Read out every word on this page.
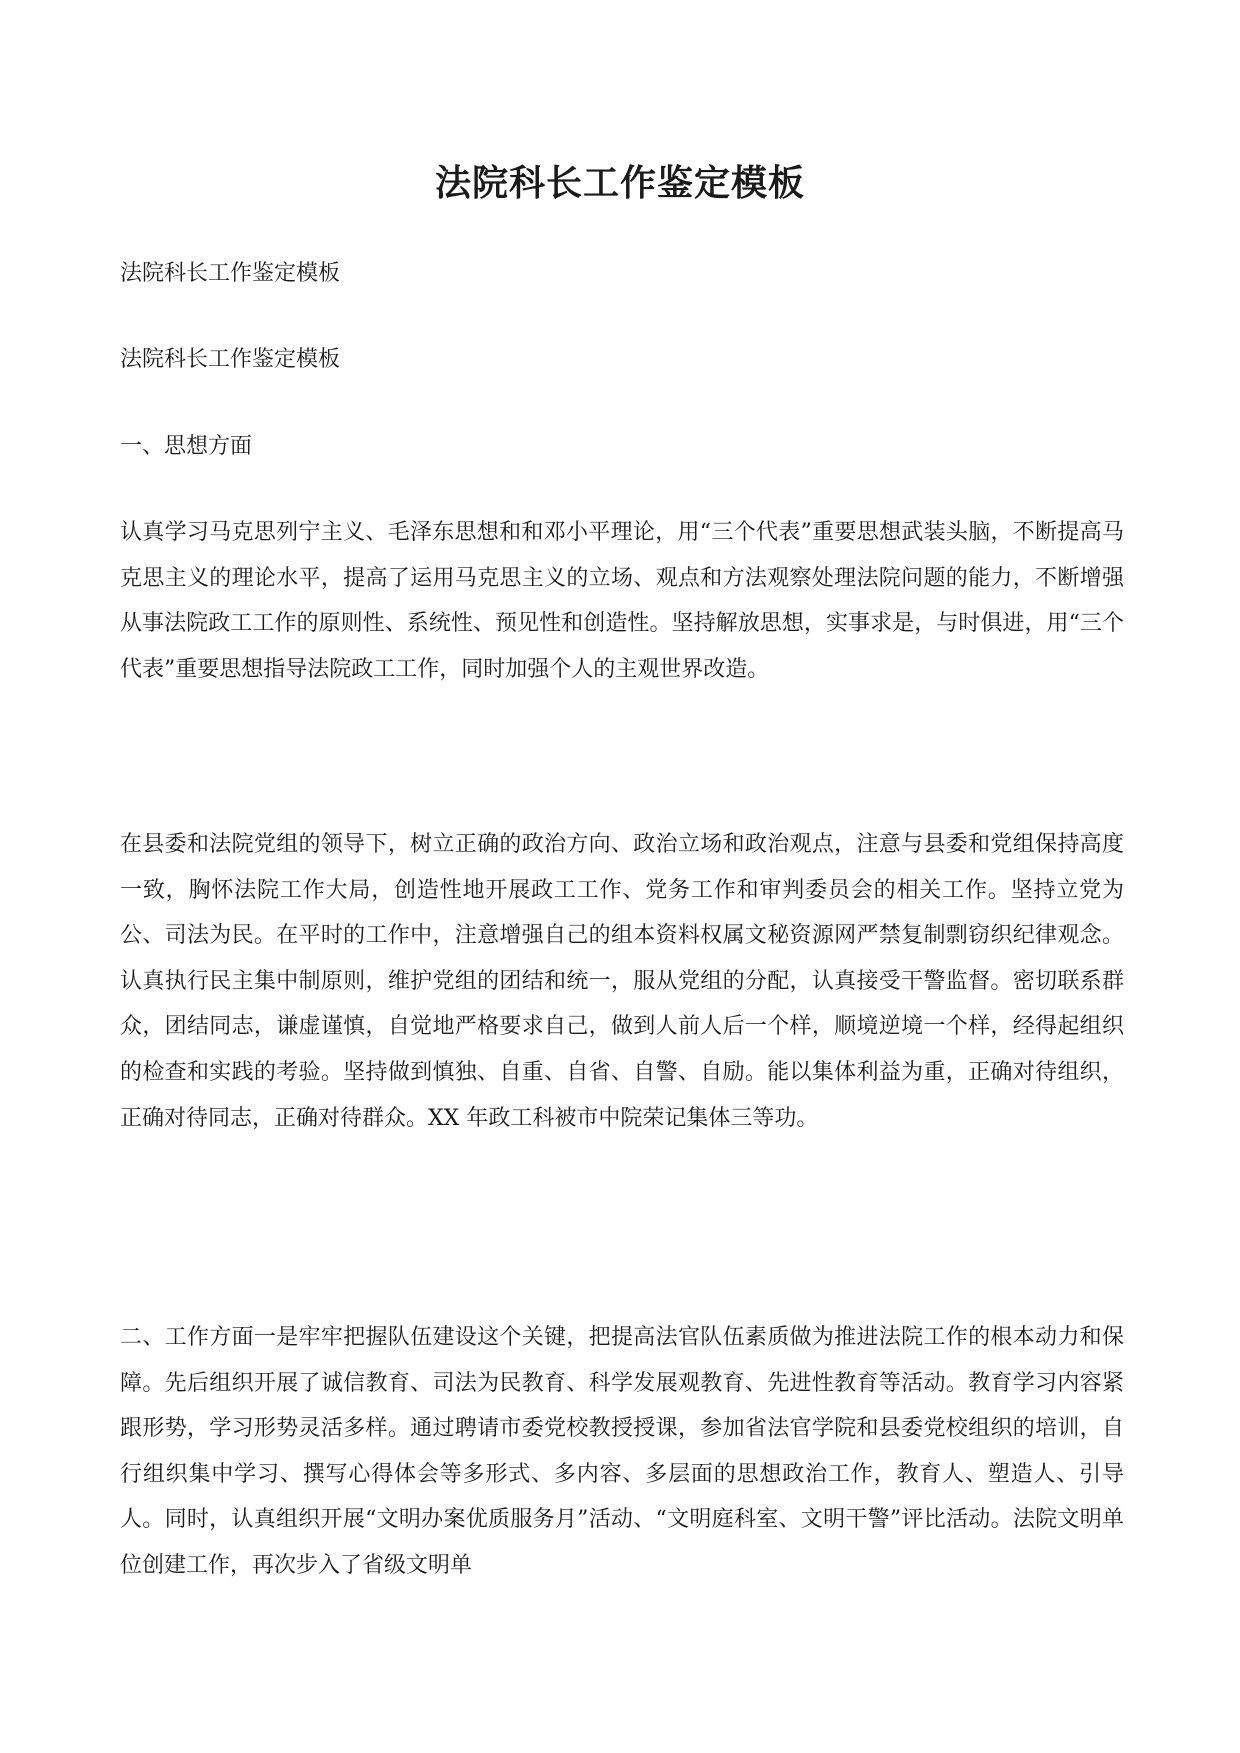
法院科长工作鉴定模板

法院科长工作鉴定模板

法院科长工作鉴定模板

一、思想方面

认真学习马克思列宁主义、毛泽东思想和和邓小平理论，用“三个代表”重要思想武装头脑，不断提高马克思主义的理论水平，提高了运用马克思主义的立场、观点和方法观察处理法院问题的能力，不断增强从事法院政工工作的原则性、系统性、预见性和创造性。坚持解放思想，实事求是，与时俱进，用“三个代表”重要思想指导法院政工工作，同时加强个人的主观世界改造。

在县委和法院党组的领导下，树立正确的政治方向、政治立场和政治观点，注意与县委和党组保持高度一致，胸怀法院工作大局，创造性地开展政工工作、党务工作和审判委员会的相关工作。坚持立党为公、司法为民。在平时的工作中，注意增强自己的组本资料权属文秘资源网严禁复制剽窃织纪律观念。认真执行民主集中制原则，维护党组的团结和统一，服从党组的分配，认真接受干警监督。密切联系群众，团结同志，谦虚谨慎，自觉地严格要求自己，做到人前人后一个样，顺境逆境一个样，经得起组织的检查和实践的考验。坚持做到慎独、自重、自省、自警、自励。能以集体利益为重，正确对待组织，正确对待同志，正确对待群众。XX 年政工科被市中院荣记集体三等功。

二、工作方面一是牢牢把握队伍建设这个关键，把提高法官队伍素质做为推进法院工作的根本动力和保障。先后组织开展了诚信教育、司法为民教育、科学发展观教育、先进性教育等活动。教育学习内容紧跟形势，学习形势灵活多样。通过聘请市委党校教授授课，参加省法官学院和县委党校组织的培训，自行组织集中学习、撰写心得体会等多形式、多内容、多层面的思想政治工作，教育人、塑造人、引导人。同时，认真组织开展“文明办案优质服务月”活动、“文明庭科室、文明干警”评比活动。法院文明单位创建工作，再次步入了省级文明单
